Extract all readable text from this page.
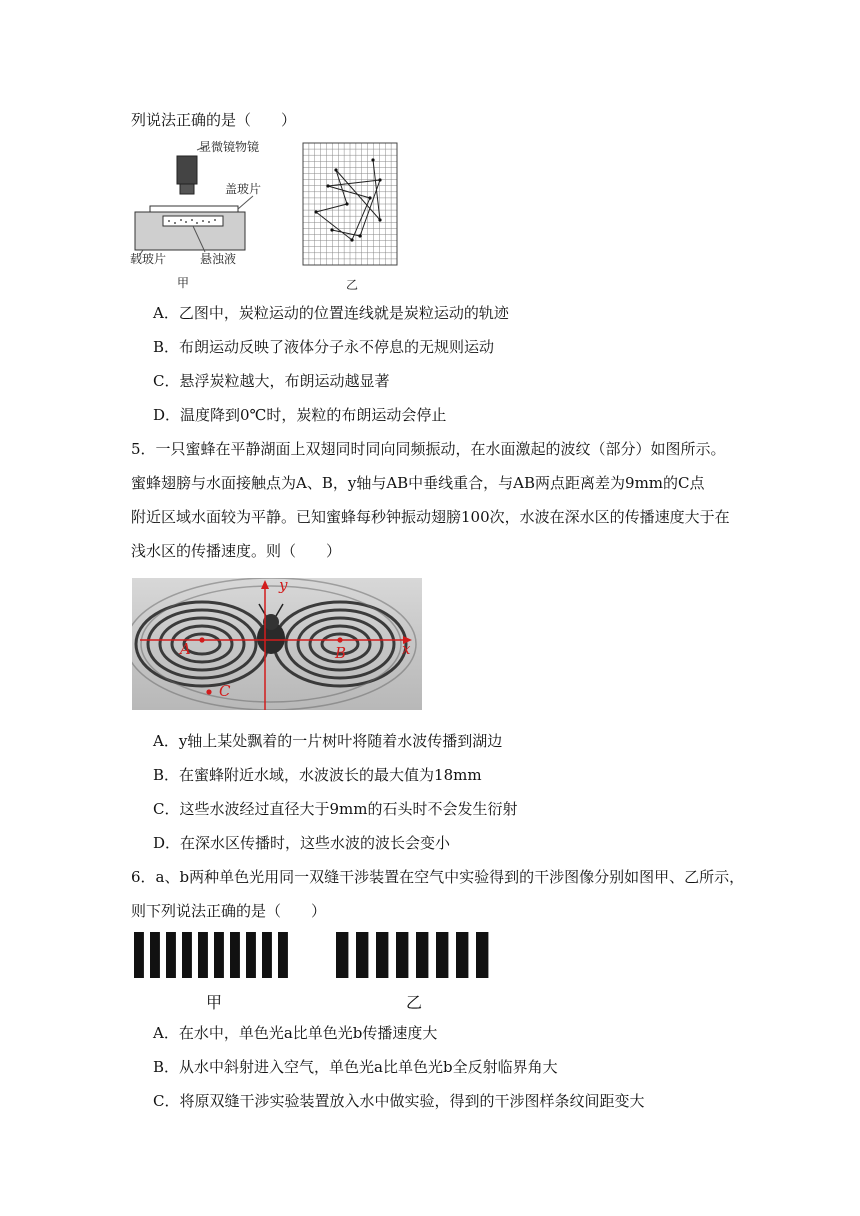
列说法正确的是（　　）
显微镜物镜
盖玻片
载玻片	悬浊液
甲	乙
A．乙图中，炭粒运动的位置连线就是炭粒运动的轨迹
B．布朗运动反映了液体分子永不停息的无规则运动
C．悬浮炭粒越大，布朗运动越显著
D．温度降到0℃时，炭粒的布朗运动会停止
5．一只蜜蜂在平静湖面上双翅同时同向同频振动，在水面激起的波纹（部分）如图所示。
蜜蜂翅膀与水面接触点为A、B，y轴与AB中垂线重合，与AB两点距离差为9mm的C点
附近区域水面较为平静。已知蜜蜂每秒钟振动翅膀100次，水波在深水区的传播速度大于在
浅水区的传播速度。则（　　）
y
x
A	B
C
A．y轴上某处飘着的一片树叶将随着水波传播到湖边
B．在蜜蜂附近水域，水波波长的最大值为18mm
C．这些水波经过直径大于9mm的石头时不会发生衍射
D．在深水区传播时，这些水波的波长会变小
6．a、b两种单色光用同一双缝干涉装置在空气中实验得到的干涉图像分别如图甲、乙所示，
则下列说法正确的是（　　）
甲	乙
A．在水中，单色光a比单色光b传播速度大
B．从水中斜射进入空气，单色光a比单色光b全反射临界角大
C．将原双缝干涉实验装置放入水中做实验，得到的干涉图样条纹间距变大
